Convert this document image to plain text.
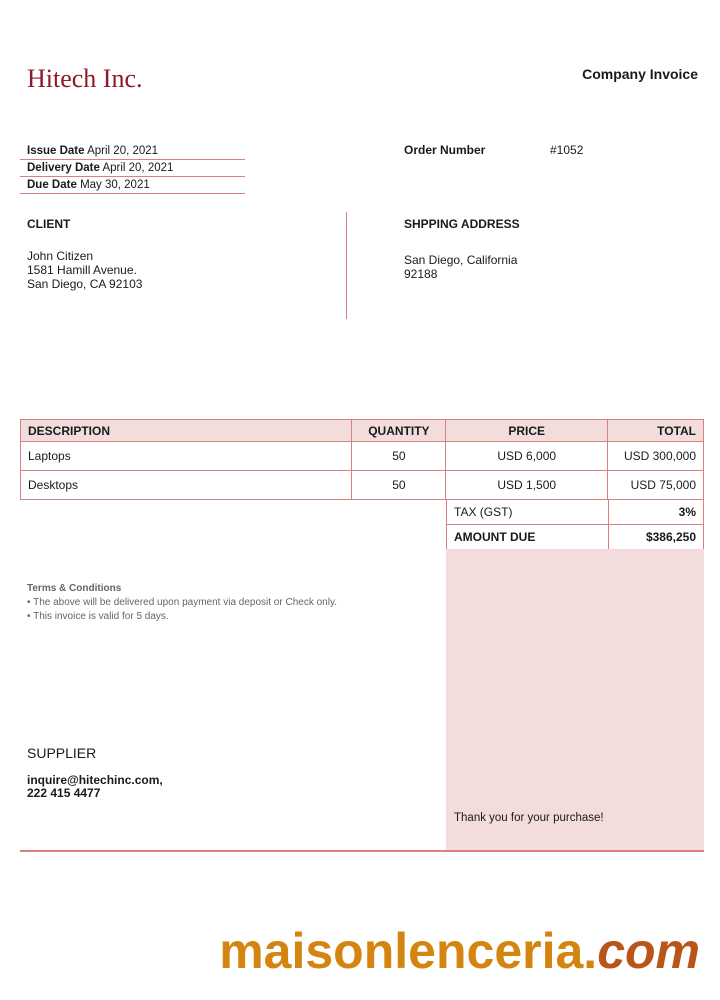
Hitech Inc.	Company Invoice
Issue Date April 20, 2021
Delivery Date April 20, 2021
Due Date May 30, 2021
Order Number	#1052
CLIENT
John Citizen
1581 Hamill Avenue.
San Diego, CA 92103
SHPPING ADDRESS
San Diego, California
92188
DESCRIPTION	QUANTITY	PRICE	TOTAL
Laptops	50	USD 6,000	USD 300,000
Desktops	50	USD 1,500	USD 75,000
TAX (GST)	3%
AMOUNT DUE	$386,250
Terms & Conditions
• The above will be delivered upon payment via deposit or Check only.
• This invoice is valid for 5 days.
SUPPLIER
inquire@hitechinc.com,
222 415 4477
Thank you for your purchase!
maisonlenceria.com
